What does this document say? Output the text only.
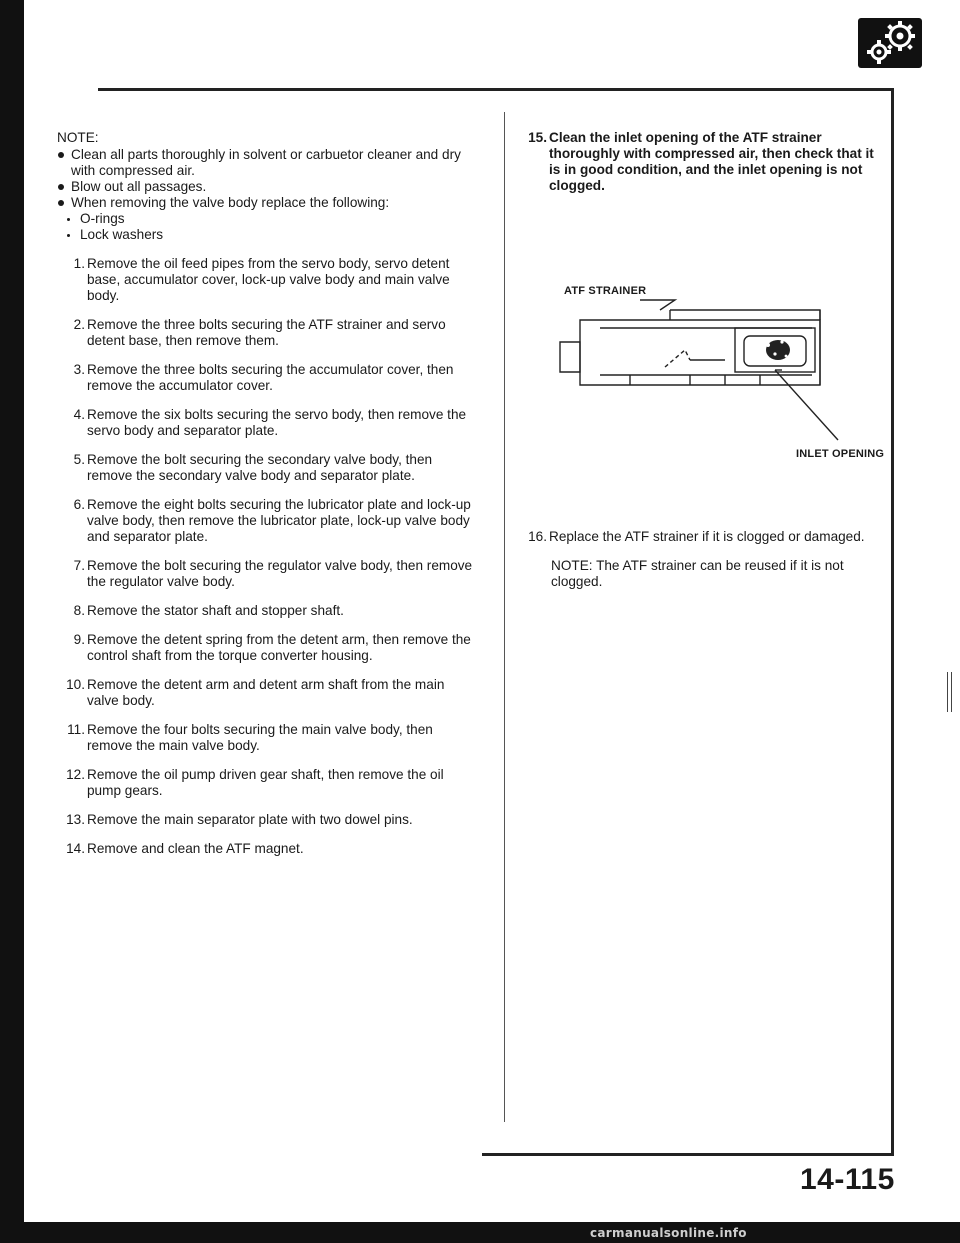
carmanualsonline.info

NOTE:

Clean all parts thoroughly in solvent or carbuetor cleaner and dry with compressed air.
Blow out all passages.
When removing the valve body replace the following:
O-rings
Lock washers
1. Remove the oil feed pipes from the servo body, servo detent base, accumulator cover, lock-up valve body and main valve body.
2. Remove the three bolts securing the ATF strainer and servo detent base, then remove them.
3. Remove the three bolts securing the accumulator cover, then remove the accumulator cover.
4. Remove the six bolts securing the servo body, then remove the servo body and separator plate.
5. Remove the bolt securing the secondary valve body, then remove the secondary valve body and separator plate.
6. Remove the eight bolts securing the lubricator plate and lock-up valve body, then remove the lubricator plate, lock-up valve body and separator plate.
7. Remove the bolt securing the regulator valve body, then remove the regulator valve body.
8. Remove the stator shaft and stopper shaft.
9. Remove the detent spring from the detent arm, then remove the control shaft from the torque converter housing.
10. Remove the detent arm and detent arm shaft from the main valve body.
11. Remove the four bolts securing the main valve body, then remove the main valve body.
12. Remove the oil pump driven gear shaft, then remove the oil pump gears.
13. Remove the main separator plate with two dowel pins.
14. Remove and clean the ATF magnet.
15. Clean the inlet opening of the ATF strainer thoroughly with compressed air, then check that it is in good condition, and the inlet opening is not clogged.
ATF STRAINER
INLET OPENING
16. Replace the ATF strainer if it is clogged or damaged.
NOTE: The ATF strainer can be reused if it is not clogged.
14-115
